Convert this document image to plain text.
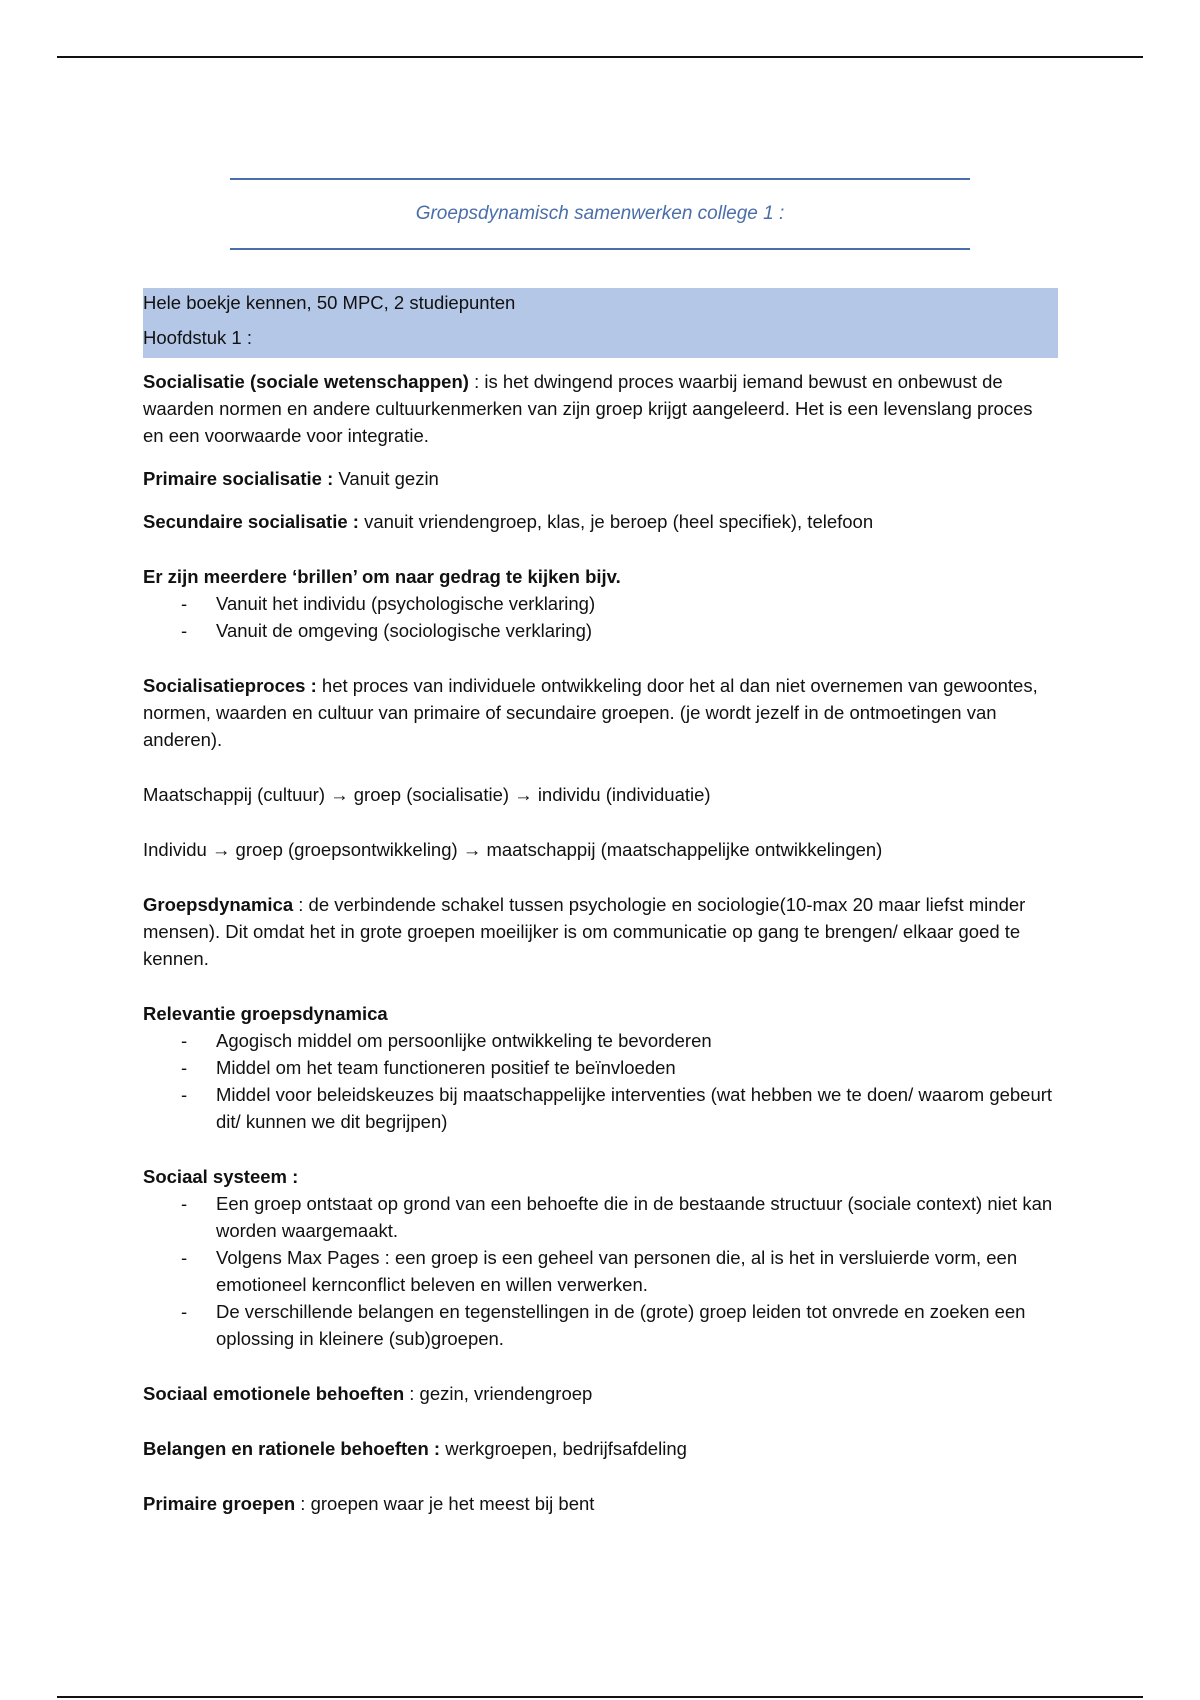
Groepsdynamisch samenwerken college 1 :
Hele boekje kennen, 50 MPC, 2 studiepunten
Hoofdstuk 1 :

Socialisatie (sociale wetenschappen) : is het dwingend proces waarbij iemand bewust en onbewust de waarden normen en andere cultuurkenmerken van zijn groep krijgt aangeleerd. Het is een levenslang proces en een voorwaarde voor integratie.

Primaire socialisatie : Vanuit gezin

Secundaire socialisatie : vanuit vriendengroep, klas, je beroep (heel specifiek), telefoon

Er zijn meerdere ‘brillen’ om naar gedrag te kijken bijv.

- Vanuit het individu (psychologische verklaring)
- Vanuit de omgeving (sociologische verklaring)

Socialisatieproces : het proces van individuele ontwikkeling door het al dan niet overnemen van gewoontes, normen, waarden en cultuur van primaire of secundaire groepen. (je wordt jezelf in de ontmoetingen van anderen).

Maatschappij (cultuur) → groep (socialisatie) → individu (individuatie)

Individu → groep (groepsontwikkeling) → maatschappij (maatschappelijke ontwikkelingen)

Groepsdynamica : de verbindende schakel tussen psychologie en sociologie(10-max 20 maar liefst minder mensen). Dit omdat het in grote groepen moeilijker is om communicatie op gang te brengen/ elkaar goed te kennen.

Relevantie groepsdynamica

- Agogisch middel om persoonlijke ontwikkeling te bevorderen
- Middel om het team functioneren positief te beïnvloeden
- Middel voor beleidskeuzes bij maatschappelijke interventies (wat hebben we te doen/ waarom gebeurt dit/ kunnen we dit begrijpen)

Sociaal systeem :

- Een groep ontstaat op grond van een behoefte die in de bestaande structuur (sociale context) niet kan worden waargemaakt.
- Volgens Max Pages : een groep is een geheel van personen die, al is het in versluierde vorm, een emotioneel kernconflict beleven en willen verwerken.
- De verschillende belangen en tegenstellingen in de (grote) groep leiden tot onvrede en zoeken een oplossing in kleinere (sub)groepen.

Sociaal emotionele behoeften : gezin, vriendengroep

Belangen en rationele behoeften : werkgroepen, bedrijfsafdeling

Primaire groepen : groepen waar je het meest bij bent
